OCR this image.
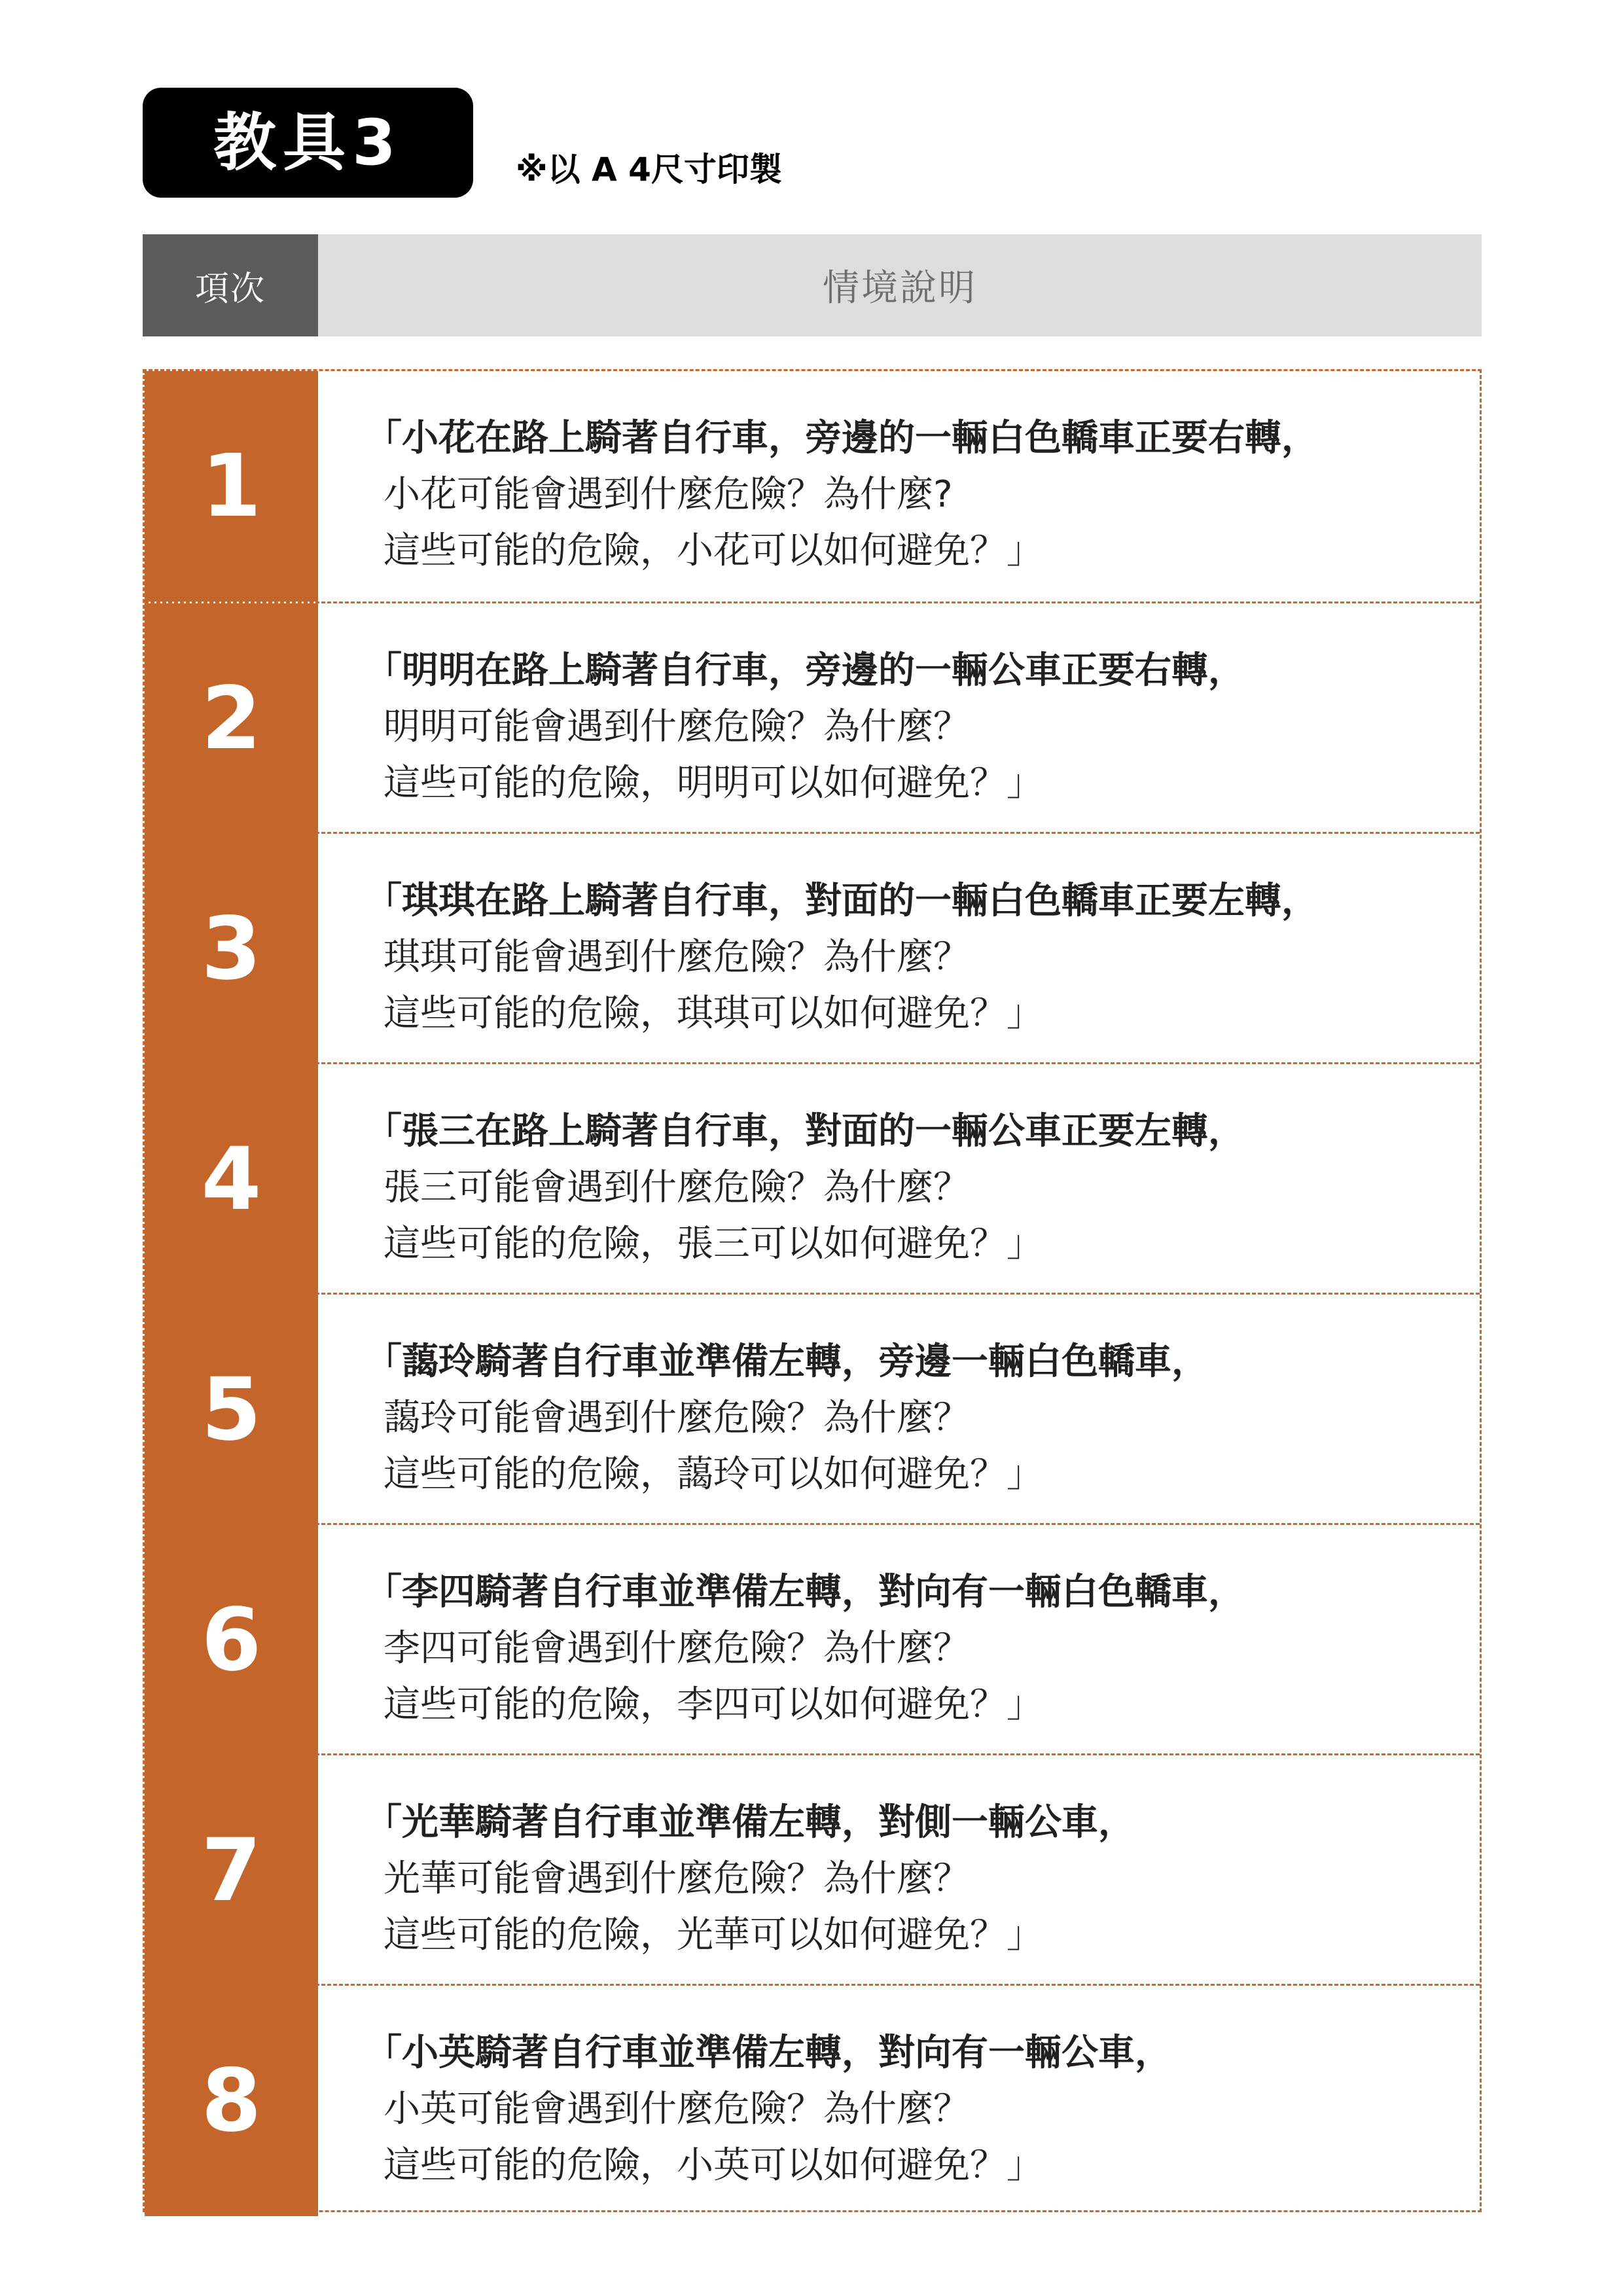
教具3	※以 A 4尺寸印製
項次	情境說明
1	「小花在路上騎著自行車，旁邊的一輛白色轎車正要右轉，
小花可能會遇到什麼危險？為什麼?
這些可能的危險，小花可以如何避免？」
2	「明明在路上騎著自行車，旁邊的一輛公車正要右轉，
明明可能會遇到什麼危險？為什麼？
這些可能的危險，明明可以如何避免？」
3	「琪琪在路上騎著自行車，對面的一輛白色轎車正要左轉，
琪琪可能會遇到什麼危險？為什麼？
這些可能的危險，琪琪可以如何避免？」
4	「張三在路上騎著自行車，對面的一輛公車正要左轉，
張三可能會遇到什麼危險？為什麼？
這些可能的危險，張三可以如何避免？」
5	「藹玲騎著自行車並準備左轉，旁邊一輛白色轎車，
藹玲可能會遇到什麼危險？為什麼？
這些可能的危險，藹玲可以如何避免？」
6	「李四騎著自行車並準備左轉，對向有一輛白色轎車，
李四可能會遇到什麼危險？為什麼？
這些可能的危險，李四可以如何避免？」
7	「光華騎著自行車並準備左轉，對側一輛公車，
光華可能會遇到什麼危險？為什麼？
這些可能的危險，光華可以如何避免？」
8	「小英騎著自行車並準備左轉，對向有一輛公車，
小英可能會遇到什麼危險？為什麼？
這些可能的危險，小英可以如何避免？」
